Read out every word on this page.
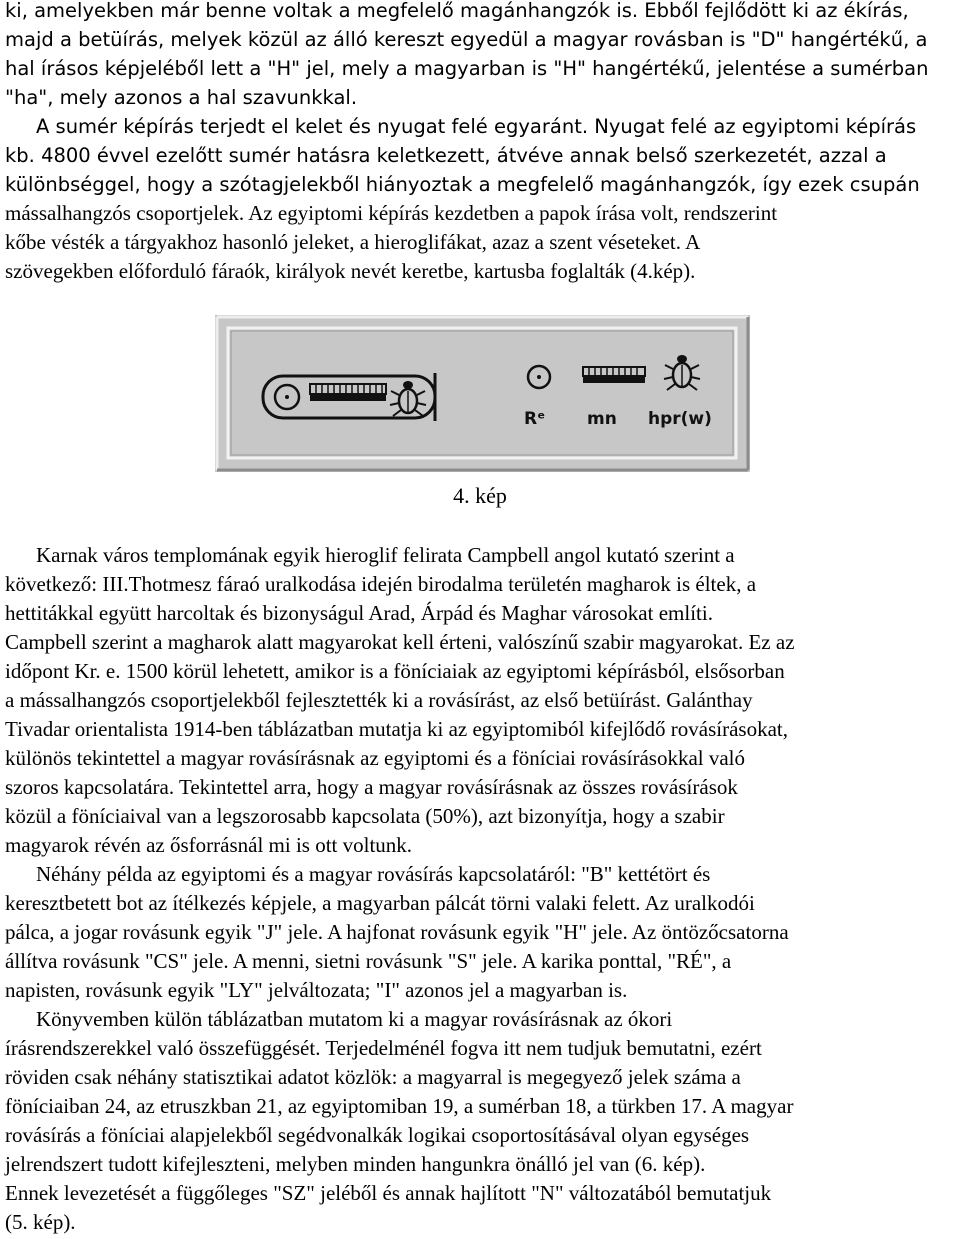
ki, amelyekben már benne voltak a megfelelő magánhangzók is. Ebből fejlődött ki az ékírás,
majd a betüírás, melyek közül az álló kereszt egyedül a magyar rovásban is "D" hangértékű, a
hal írásos képjeléből lett a "H" jel, mely a magyarban is "H" hangértékű, jelentése a sumérban
"ha", mely azonos a hal szavunkkal.
A sumér képírás terjedt el kelet és nyugat felé egyaránt. Nyugat felé az egyiptomi képírás
kb. 4800 évvel ezelőtt sumér hatásra keletkezett, átvéve annak belső szerkezetét, azzal a
különbséggel, hogy a szótagjelekből hiányoztak a megfelelő magánhangzók, így ezek csupán
mássalhangzós csoportjelek. Az egyiptomi képírás kezdetben a papok írása volt, rendszerint
kőbe vésték a tárgyakhoz hasonló jeleket, a hieroglifákat, azaz a szent véseteket. A
szövegekben előforduló fáraók, királyok nevét keretbe, kartusba foglalták (4.kép).
Rᵉ mn hpr(w)
4. kép
Karnak város templomának egyik hieroglif felirata Campbell angol kutató szerint a
következő: III.Thotmesz fáraó uralkodása idején birodalma területén magharok is éltek, a
hettitákkal együtt harcoltak és bizonyságul Arad, Árpád és Maghar városokat említi.
Campbell szerint a magharok alatt magyarokat kell érteni, valószínű szabir magyarokat. Ez az
időpont Kr. e. 1500 körül lehetett, amikor is a föníciaiak az egyiptomi képírásból, elsősorban
a mássalhangzós csoportjelekből fejlesztették ki a rovásírást, az első betüírást. Galánthay
Tivadar orientalista 1914-ben táblázatban mutatja ki az egyiptomiból kifejlődő rovásírásokat,
különös tekintettel a magyar rovásírásnak az egyiptomi és a föníciai rovásírásokkal való
szoros kapcsolatára. Tekintettel arra, hogy a magyar rovásírásnak az összes rovásírások
közül a föníciaival van a legszorosabb kapcsolata (50%), azt bizonyítja, hogy a szabir
magyarok révén az ősforrásnál mi is ott voltunk.
Néhány példa az egyiptomi és a magyar rovásírás kapcsolatáról: "B" kettétört és
keresztbetett bot az ítélkezés képjele, a magyarban pálcát törni valaki felett. Az uralkodói
pálca, a jogar rovásunk egyik "J" jele. A hajfonat rovásunk egyik "H" jele. Az öntözőcsatorna
állítva rovásunk "CS" jele. A menni, sietni rovásunk "S" jele. A karika ponttal, "RÉ", a
napisten, rovásunk egyik "LY" jelváltozata; "I" azonos jel a magyarban is.
Könyvemben külön táblázatban mutatom ki a magyar rovásírásnak az ókori
írásrendszerekkel való összefüggését. Terjedelménél fogva itt nem tudjuk bemutatni, ezért
röviden csak néhány statisztikai adatot közlök: a magyarral is megegyező jelek száma a
föníciaiban 24, az etruszkban 21, az egyiptomiban 19, a sumérban 18, a türkben 17. A magyar
rovásírás a föníciai alapjelekből segédvonalkák logikai csoportosításával olyan egységes
jelrendszert tudott kifejleszteni, melyben minden hangunkra önálló jel van (6. kép).
Ennek levezetését a függőleges "SZ" jeléből és annak hajlított "N" változatából bemutatjuk
(5. kép).
